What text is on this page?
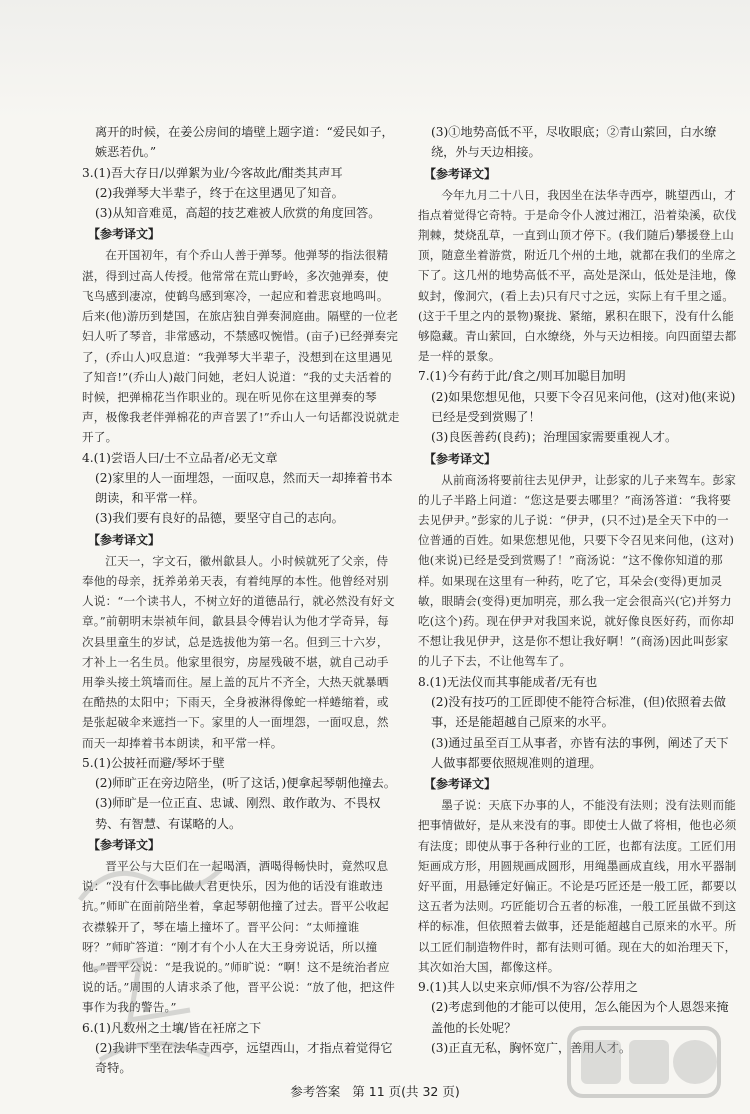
离开的时候，在姜公房间的墙壁上题字道：“爱民如子，嫉恶若仇。”

3.(1)吾大存日/以弹絮为业/今客故此/酣类其声耳

(2)我弹琴大半辈子，终于在这里遇见了知音。

(3)从知音难觅，高超的技艺难被人欣赏的角度回答。

【参考译文】

在开国初年，有个乔山人善于弹琴。他弹琴的指法很精湛，得到过高人传授。他常常在荒山野岭，多次弛弹奏，使飞鸟感到凄凉，使鹤鸟感到寒冷，一起应和着悲哀地鸣叫。后来(他)游历到楚国，在旅店独自弹奏洞庭曲。隔壁的一位老妇人听了琴音，非常感动，不禁感叹惋惜。(亩子)已经弹奏完了，(乔山人)叹息道：“我弹琴大半辈子，没想到在这里遇见了知音!”(乔山人)敲门问她，老妇人说道：“我的丈夫活着的时候，把弹棉花当作职业的。现在听见你在这里弹奏的琴声，极像我老伴弹棉花的声音罢了!”乔山人一句话都没说就走开了。

4.(1)尝语人曰/士不立品者/必无文章

(2)家里的人一面埋怨，一面叹息，然而天一却捧着书本朗读，和平常一样。

(3)我们要有良好的品德，要坚守自己的志向。

【参考译文】

江天一，字文石，徽州歙县人。小时候就死了父亲，侍奉他的母亲，抚养弟弟天表，有着纯厚的本性。他曾经对别人说：“一个读书人，不树立好的道德品行，就必然没有好文章。”前朝明末崇祯年间，歙县县令傅岩认为他才学奇异，每次县里童生的岁试，总是选拔他为第一名。但到三十六岁，才补上一名生员。他家里很穷，房屋残破不堪，就自己动手用拳头接土筑墙而住。屋上盖的瓦片不齐全，大热天就暴晒在酷热的太阳中；下雨天，全身被淋得像蛇一样蜷缩着，或是张起破伞来遮挡一下。家里的人一面埋怨，一面叹息，然而天一却捧着书本朗读，和平常一样。

5.(1)公披衽而避/琴坏于壁

(2)师旷正在旁边陪坐，(听了这话，)便拿起琴朝他撞去。

(3)师旷是一位正直、忠诚、刚烈、敢作敢为、不畏权势、有智慧、有谋略的人。

【参考译文】

晋平公与大臣们在一起喝酒，酒喝得畅快时，竟然叹息说：“没有什么事比做人君更快乐，因为他的话没有谁敢违抗。”师旷在面前陪坐着，拿起琴朝他撞了过去。晋平公收起衣襟躲开了，琴在墙上撞坏了。晋平公问：“太师撞谁呀？”师旷答道：“刚才有个小人在大王身旁说话，所以撞他。”晋平公说：“是我说的。”师旷说：“啊！这不是统治者应说的话。”周围的人请求杀了他，晋平公说：“放了他，把这件事作为我的警告。”

6.(1)凡数州之土壤/皆在衽席之下

(2)我讲下坐在法华寺西亭，远望西山，才指点着觉得它奇特。

(3)①地势高低不平，尽收眼底；②青山萦回，白水缭绕，外与天边相接。

【参考译文】

今年九月二十八日，我因坐在法华寺西亭，眺望西山，才指点着觉得它奇特。于是命令仆人渡过湘江，沿着染溪，砍伐荆棘，焚烧乱草，一直到山顶才停下。(我们随后)攀援登上山顶，随意坐着游赏，附近几个州的土地，就都在我们的坐席之下了。这几州的地势高低不平，高处是深山，低处是洼地，像蚁封，像洞穴，(看上去)只有尺寸之远，实际上有千里之遥。(这于千里之内的景物)聚拢、紧缩，累积在眼下，没有什么能够隐藏。青山萦回，白水缭绕，外与天边相接。向四面望去都是一样的景象。

7.(1)今有药于此/食之/则耳加聪目加明

(2)如果您想见他，只要下令召见来问他，(这对)他(来说)已经是受到赏赐了！

(3)良医善药(良药)；治理国家需要重视人才。

【参考译文】

从前商汤将要前往去见伊尹，让彭家的儿子来驾车。彭家的儿子半路上问道：“您这是要去哪里？”商汤答道：“我将要去见伊尹。”彭家的儿子说：“伊尹，(只不过)是全天下中的一位普通的百姓。如果您想见他，只要下令召见来问他，(这对)他(来说)已经是受到赏赐了！”商汤说：“这不像你知道的那样。如果现在这里有一种药，吃了它，耳朵会(变得)更加灵敏，眼睛会(变得)更加明亮，那么我一定会很高兴(它)并努力吃(这个)药。现在伊尹对我国来说，就好像良医好药，而你却不想让我见伊尹，这是你不想让我好啊！”(商汤)因此叫彭家的儿子下去，不让他驾车了。

8.(1)无法仪而其事能成者/无有也

(2)没有技巧的工匠即使不能符合标准，(但)依照着去做事，还是能超越自己原来的水平。

(3)通过虽至百工从事者，亦皆有法的事例，阐述了天下人做事都要依照规准则的道理。

【参考译文】

墨子说：天底下办事的人，不能没有法则；没有法则而能把事情做好，是从来没有的事。即使士人做了将相，他也必须有法度；即使从事于各种行业的工匠，也都有法度。工匠们用矩画成方形，用圆规画成圆形，用绳墨画成直线，用水平器制好平面，用悬锤定好偏正。不论是巧匠还是一般工匠，都要以这五者为法则。巧匠能切合五者的标准，一般工匠虽做不到这样的标准，但依照着去做事，还是能超越自己原来的水平。所以工匠们制造物件时，都有法则可循。现在大的如治理天下，其次如治大国，都像这样。

9.(1)其人以史来京师/惧不为容/公荐用之

(2)考虑到他的才能可以使用，怎么能因为个人恩怨来掩盖他的长处呢？

(3)正直无私，胸怀宽广，善用人才。

参考答案 第 11 页(共 32 页)
